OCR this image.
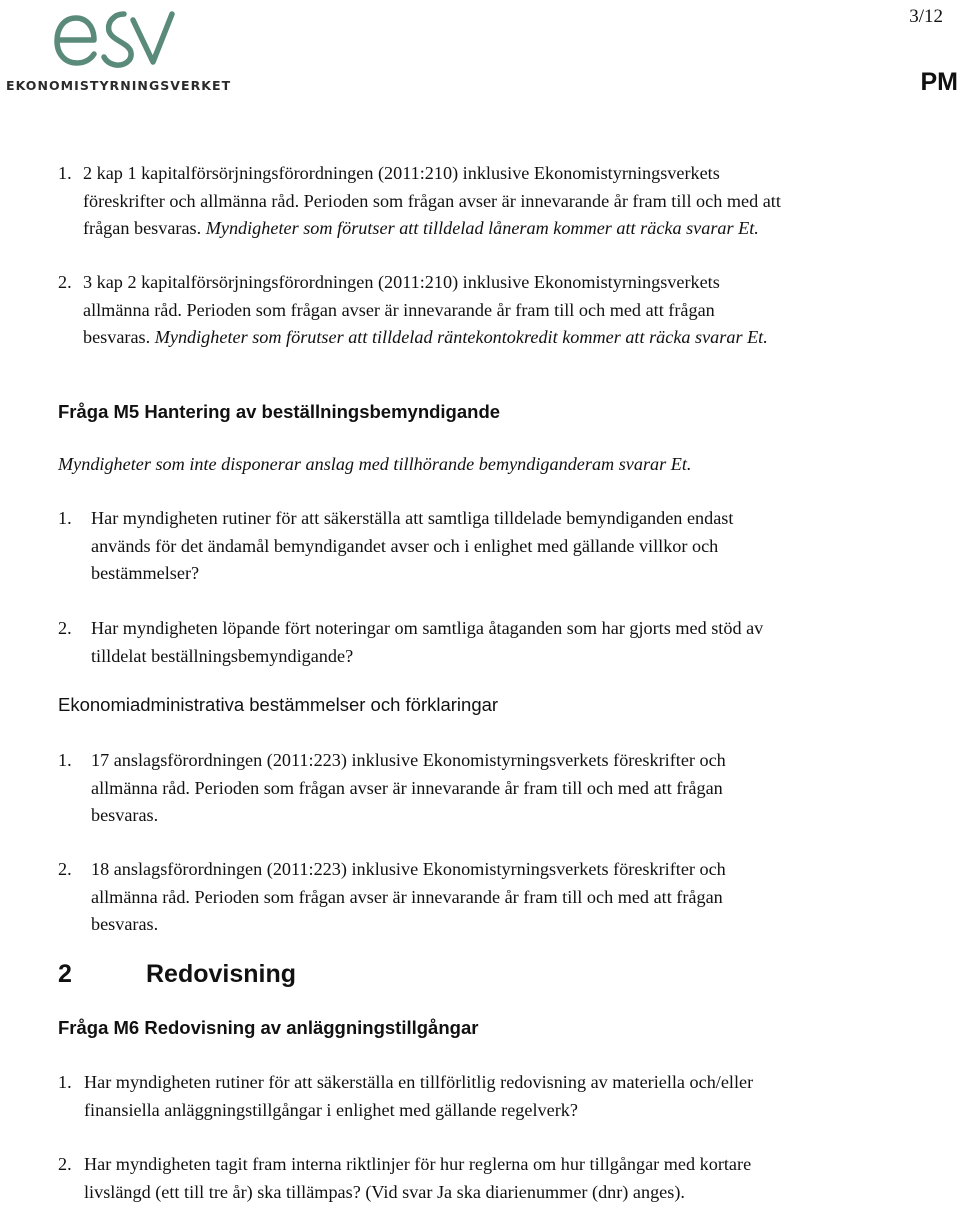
EKONOMISTYRNINGSVERKET
3/12
PM
1. 2 kap 1 kapitalförsörjningsförordningen (2011:210) inklusive Ekonomistyrningsverkets
föreskrifter och allmänna råd. Perioden som frågan avser är innevarande år fram till och med att
frågan besvaras. Myndigheter som förutser att tilldelad låneram kommer att räcka svarar Et.
2. 3 kap 2 kapitalförsörjningsförordningen (2011:210) inklusive Ekonomistyrningsverkets
allmänna råd. Perioden som frågan avser är innevarande år fram till och med att frågan
besvaras. Myndigheter som förutser att tilldelad räntekontokredit kommer att räcka svarar Et.
Fråga M5 Hantering av beställningsbemyndigande
Myndigheter som inte disponerar anslag med tillhörande bemyndiganderam svarar Et.
1. Har myndigheten rutiner för att säkerställa att samtliga tilldelade bemyndiganden endast
används för det ändamål bemyndigandet avser och i enlighet med gällande villkor och
bestämmelser?
2. Har myndigheten löpande fört noteringar om samtliga åtaganden som har gjorts med stöd av
tilldelat beställningsbemyndigande?
Ekonomiadministrativa bestämmelser och förklaringar
1. 17 anslagsförordningen (2011:223) inklusive Ekonomistyrningsverkets föreskrifter och
allmänna råd. Perioden som frågan avser är innevarande år fram till och med att frågan
besvaras.
2. 18 anslagsförordningen (2011:223) inklusive Ekonomistyrningsverkets föreskrifter och
allmänna råd. Perioden som frågan avser är innevarande år fram till och med att frågan
besvaras.
2	Redovisning
Fråga M6 Redovisning av anläggningstillgångar
1. Har myndigheten rutiner för att säkerställa en tillförlitlig redovisning av materiella och/eller
finansiella anläggningstillgångar i enlighet med gällande regelverk?
2. Har myndigheten tagit fram interna riktlinjer för hur reglerna om hur tillgångar med kortare
livslängd (ett till tre år) ska tillämpas? (Vid svar Ja ska diarienummer (dnr) anges).
